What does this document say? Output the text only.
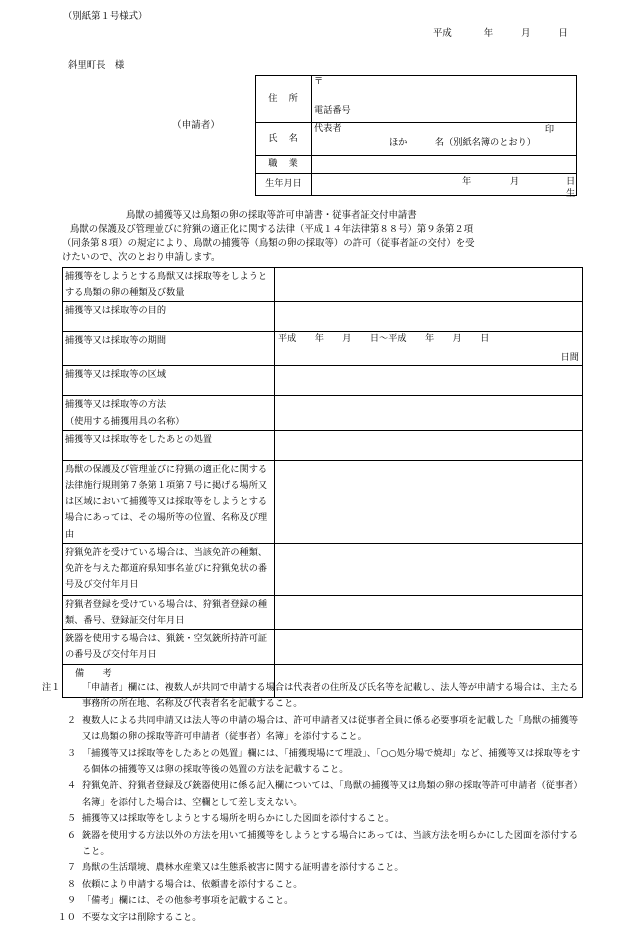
（別紙第１号様式）
平成	年	月	日
斜里町長　様
（申請者）
住　所	〒
電話番号

氏　名	代表者 印
ほか　　　名（別紙名簿のとおり）

職　業	
生年月日	年 月 日生
鳥獣の捕獲等又は鳥類の卵の採取等許可申請書・従事者証交付申請書
鳥獣の保護及び管理並びに狩猟の適正化に関する法律（平成１４年法律第８８号）第９条第２項
（同条第８項）の規定により、鳥獣の捕獲等（鳥類の卵の採取等）の許可（従事者証の交付）を受
けたいので、次のとおり申請します。
捕獲等をしようとする鳥獣又は採取等をしようとする鳥類の卵の種類及び数量	
捕獲等又は採取等の目的	
捕獲等又は採取等の期間	平成　　年　　月　　日～平成　　年　　月　　日
日間

捕獲等又は採取等の区域	
捕獲等又は採取等の方法
（使用する捕獲用具の名称）	
捕獲等又は採取等をしたあとの処置	
鳥獣の保護及び管理並びに狩猟の適正化に関する法律施行規則第７条第１項第７号に掲げる場所又は区域において捕獲等又は採取等をしようとする場合にあっては、その場所等の位置、名称及び理由	
狩猟免許を受けている場合は、当該免許の種類、免許を与えた都道府県知事名並びに狩猟免状の番号及び交付年月日	
狩猟者登録を受けている場合は、狩猟者登録の種類、番号、登録証交付年月日	
銃器を使用する場合は、猟銃・空気銃所持許可証の番号及び交付年月日	
備　　考	
注１	「申請者」欄には、複数人が共同で申請する場合は代表者の住所及び氏名等を記載し、法人等が申請する場合は、主たる事務所の所在地、名称及び代表者名を記載すること。
２ 複数人による共同申請又は法人等の申請の場合は、許可申請者又は従事者全員に係る必要事項を記載した「鳥獣の捕獲等又は鳥類の卵の採取等許可申請者（従事者）名簿」を添付すること。
３ 「捕獲等又は採取等をしたあとの処置」欄には、「捕獲現場にて埋設」、「○○処分場で焼却」など、捕獲等又は採取等をする個体の捕獲等又は卵の採取等後の処置の方法を記載すること。
４ 狩猟免許、狩猟者登録及び銃器使用に係る記入欄については、「鳥獣の捕獲等又は鳥類の卵の採取等許可申請者（従事者）名簿」を添付した場合は、空欄として差し支えない。
５ 捕獲等又は採取等をしようとする場所を明らかにした図面を添付すること。
６ 銃器を使用する方法以外の方法を用いて捕獲等をしようとする場合にあっては、当該方法を明らかにした図面を添付すること。
７ 鳥獣の生活環境、農林水産業又は生態系被害に関する証明書を添付すること。
８ 依頼により申請する場合は、依頼書を添付すること。
９ 「備考」欄には、その他参考事項を記載すること。
１０ 不要な文字は削除すること。
